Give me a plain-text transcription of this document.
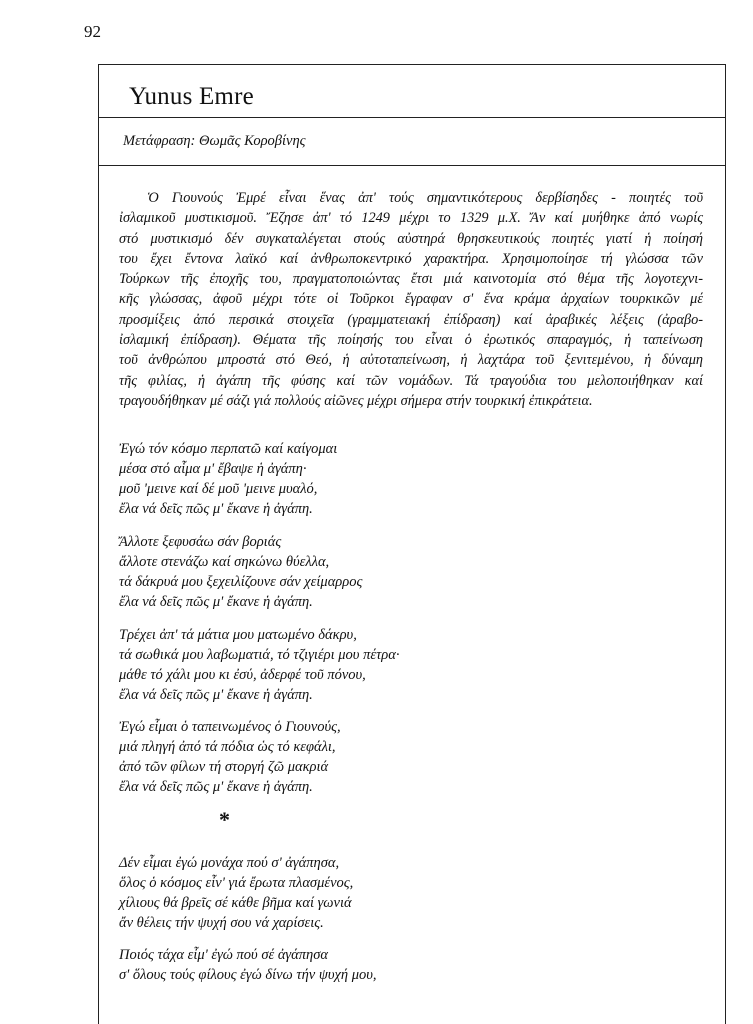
92
Yunus Emre
Μετάφραση: Θωμᾶς Κοροβίνης
Ὁ Γιουνούς Ἐμρέ εἶναι ἕνας ἀπ' τούς σημαντικότερους δερβίσηδες - ποιητές τοῦ
ἰσλαμικοῦ μυστικισμοῦ. Ἔζησε ἀπ' τό 1249 μέχρι το 1329 μ.Χ. Ἄν καί μυήθηκε ἀπό νωρίς
στό μυστικισμό δέν συγκαταλέγεται στούς αὐστηρά θρησκευτικούς ποιητές γιατί ἡ ποίησή
του ἔχει ἔντονα λαϊκό καί ἀνθρωποκεντρικό χαρακτήρα. Χρησιμοποίησε τή γλώσσα τῶν
Τούρκων τῆς ἐποχῆς του, πραγματοποιώντας ἔτσι μιά καινοτομία στό θέμα τῆς λογοτεχνι-
κῆς γλώσσας, ἀφοῦ μέχρι τότε οἱ Τοῦρκοι ἔγραφαν σ' ἕνα κράμα ἀρχαίων τουρκικῶν μέ
προσμίξεις ἀπό περσικά στοιχεῖα (γραμματειακή ἐπίδραση) καί ἀραβικές λέξεις (ἀραβο-
ἰσλαμική ἐπίδραση). Θέματα τῆς ποίησής του εἶναι ὁ ἐρωτικός σπαραγμός, ἡ ταπείνωση
τοῦ ἀνθρώπου μπροστά στό Θεό, ἡ αὐτοταπείνωση, ἡ λαχτάρα τοῦ ξενιτεμένου, ἡ δύναμη
τῆς φιλίας, ἡ ἀγάπη τῆς φύσης καί τῶν νομάδων. Τά τραγούδια του μελοποιήθηκαν καί
τραγουδήθηκαν μέ σάζι γιά πολλούς αἰῶνες μέχρι σήμερα στήν τουρκική ἐπικράτεια.
Ἐγώ τόν κόσμο περπατῶ καί καίγομαι
μέσα στό αἷμα μ' ἔβαψε ἡ ἀγάπη·
μοῦ 'μεινε καί δέ μοῦ 'μεινε μυαλό,
ἔλα νά δεῖς πῶς μ' ἔκανε ἡ ἀγάπη.
Ἄλλοτε ξεφυσάω σάν βοριάς
ἄλλοτε στενάζω καί σηκώνω θύελλα,
τά δάκρυά μου ξεχειλίζουνε σάν χείμαρρος
ἔλα νά δεῖς πῶς μ' ἔκανε ἡ ἀγάπη.
Τρέχει ἀπ' τά μάτια μου ματωμένο δάκρυ,
τά σωθικά μου λαβωματιά, τό τζιγιέρι μου πέτρα·
μάθε τό χάλι μου κι ἐσύ, ἀδερφέ τοῦ πόνου,
ἔλα νά δεῖς πῶς μ' ἔκανε ἡ ἀγάπη.
Ἐγώ εἶμαι ὁ ταπεινωμένος ὁ Γιουνούς,
μιά πληγή ἀπό τά πόδια ὡς τό κεφάλι,
ἀπό τῶν φίλων τή στοργή ζῶ μακριά
ἔλα νά δεῖς πῶς μ' ἔκανε ἡ ἀγάπη.
*
Δέν εἶμαι ἐγώ μονάχα πού σ' ἀγάπησα,
ὅλος ὁ κόσμος εἶν' γιά ἔρωτα πλασμένος,
χίλιους θά βρεῖς σέ κάθε βῆμα καί γωνιά
ἄν θέλεις τήν ψυχή σου νά χαρίσεις.
Ποιός τάχα εἶμ' ἐγώ πού σέ ἀγάπησα
σ' ὅλους τούς φίλους ἐγώ δίνω τήν ψυχή μου,
